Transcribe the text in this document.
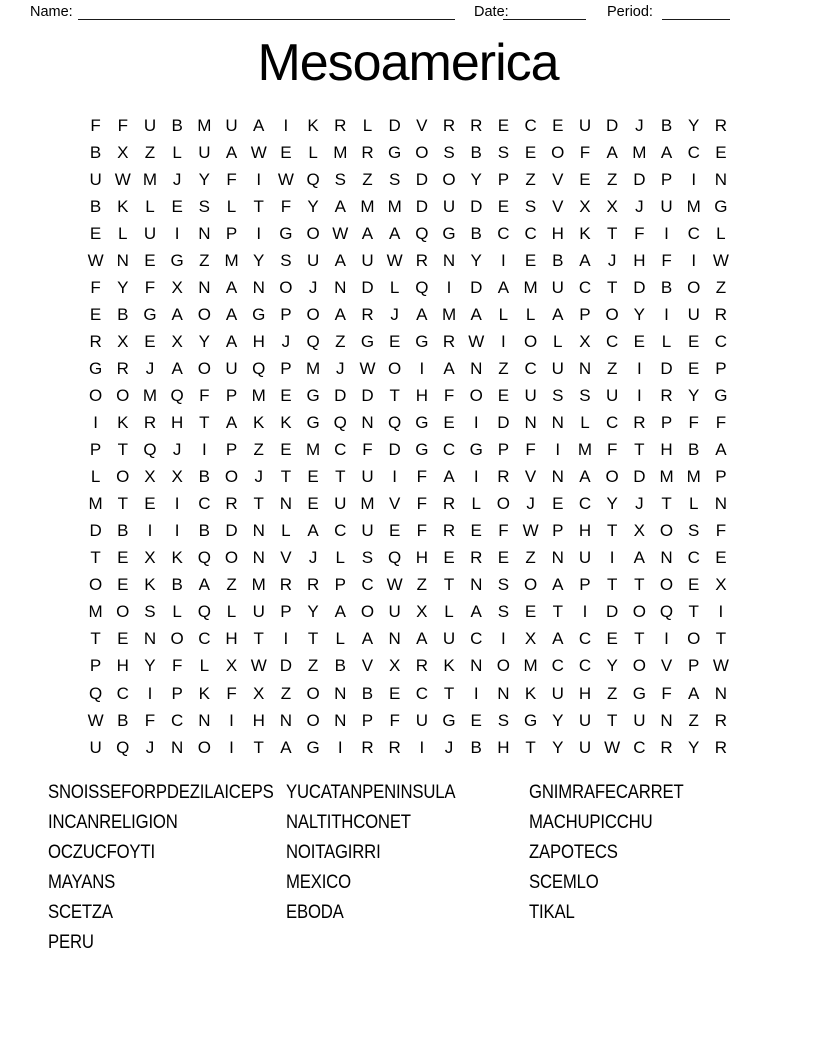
Name:	Date:	Period:
Mesoamerica
F F U B M U A	I	K R L D V R R E C E U D J	B Y R
B X Z	L U A W E L M R G O S B S E O F A M A C E
U W M J	Y F	I W Q S Z S D O Y P Z V E Z D P	I	N
B K L E S L	T F Y A M M D U D E S V X X	J U M G
E L U	I	N P	I	G O W A A Q G B C C H K T F	I	C L
W N E G Z M Y S U A U W R N Y	I	E B A	J H F	I W
F Y F X N A N O J N D L Q	I	D A M U C T D B O Z
E B G A O A G P O A R J	A M A L	L A P O Y	I	U R
R X E X Y A H J Q Z G E G R W I	O L X C E L E C
G R J	A O U Q P M J W O	I	A N Z C U N Z	I	D E P
O O M Q F P M E G D D T H F O E U S S U	I	R Y G
I	K R H T A K K G Q N Q G E	I	D N N L C R P F F
P T Q J	I	P Z E M C F D G C G P F	I	M F T H B A
L O X X B O J	T E T U	I	F A	I	R V N A O D M M P
M T E	I	C R T N E U M V F R L O J	E C Y	J	T	L N
D B	I	I	B D N L A C U E F R E F W P H T X O S F
T E X K Q O N V	J	L S Q H E R E Z N U	I	A N C E
O E K B A Z M R R P C W Z T N S O A P T T O E X
M O S L Q L U P Y A O U X L A S E T	I	D O Q T	I
T E N O C H T	I	T	L A N A U C	I	X A C E T	I	O T
P H Y F	L X W D Z B V X R K N O M C C Y O V P W
Q C	I	P K F X Z O N B E C T	I	N K U H Z G F A N
W B F C N	I	H N O N P F U G E S G Y U T U N Z R
U Q J N O	I	T A G	I	R R	I	J	B H T Y U W C R Y R
SNOISSEFORPDEZILAICEPS
INCANRELIGION
OCZUCFOYTI
MAYANS
SCETZA
PERU
YUCATANPENINSULA
NALTITHCONET
NOITAGIRRI
MEXICO
EBODA
GNIMRAFECARRET
MACHUPICCHU
ZAPOTECS
SCEMLO
TIKAL
